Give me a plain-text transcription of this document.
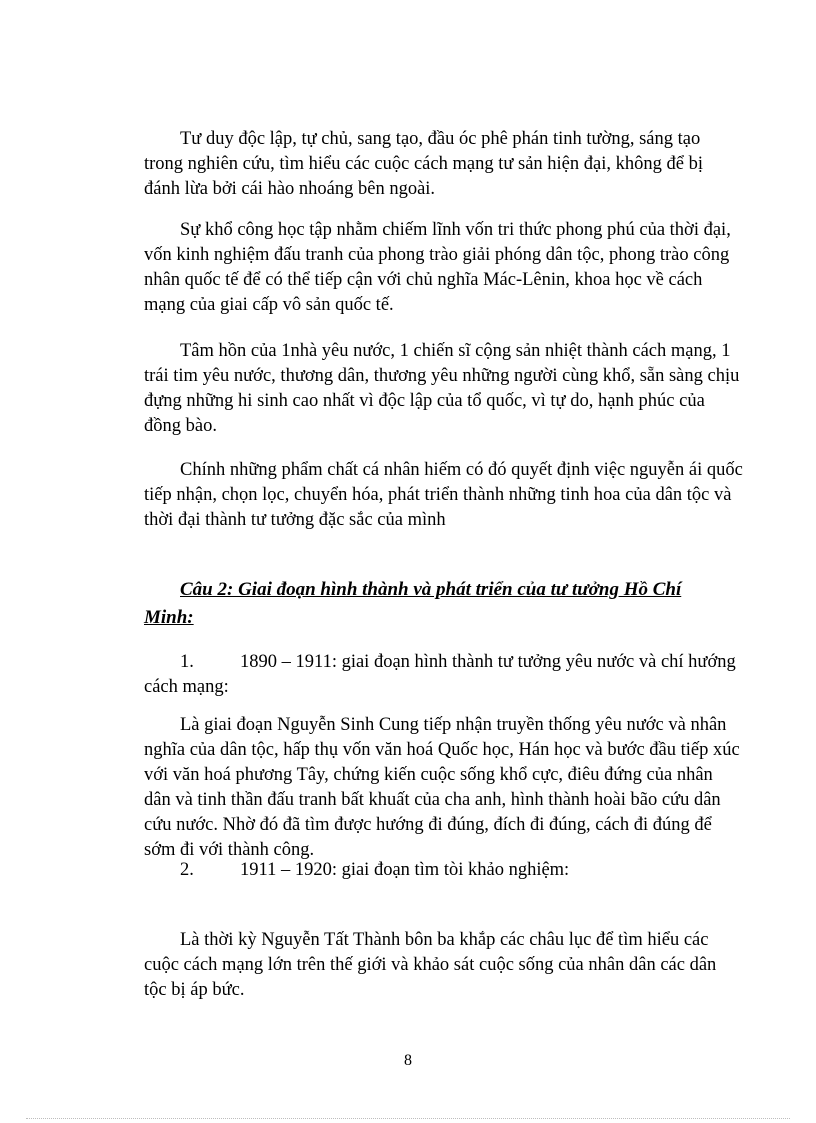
Tư duy độc lập, tự chủ, sang tạo, đầu óc phê phán tinh tường, sáng tạo
trong nghiên cứu, tìm hiểu các cuộc cách mạng tư sản hiện đại, không để bị
đánh lừa bởi cái hào nhoáng bên ngoài.
Sự khổ công học tập nhằm chiếm lĩnh vốn tri thức phong phú của thời đại,
vốn kinh nghiệm đấu tranh của phong trào giải phóng dân tộc, phong trào công
nhân quốc tế để có thể tiếp cận với chủ nghĩa Mác-Lênin, khoa học về cách
mạng của giai cấp vô sản quốc tế.
Tâm hồn của 1nhà yêu nước, 1 chiến sĩ cộng sản nhiệt thành cách mạng, 1
trái tim yêu nước, thương dân, thương yêu những người cùng khổ, sẵn sàng chịu
đựng những hi sinh cao nhất vì độc lập của tổ quốc, vì tự do, hạnh phúc của
đồng bào.
Chính những phẩm chất cá nhân hiếm có đó quyết định việc nguyễn ái quốc
tiếp nhận, chọn lọc, chuyển hóa, phát triển thành những tinh hoa của dân tộc và
thời đại thành tư tưởng đặc sắc của mình
Câu 2: Giai đoạn hình thành và phát triển của tư tưởng Hồ Chí
Minh:
1. 1890 – 1911: giai đoạn hình thành tư tưởng yêu nước và chí hướng
cách mạng:
Là giai đoạn Nguyễn Sinh Cung tiếp nhận truyền thống yêu nước và nhân
nghĩa của dân tộc, hấp thụ vốn văn hoá Quốc học, Hán học và bước đầu tiếp xúc
với văn hoá phương Tây, chứng kiến cuộc sống khổ cực, điêu đứng của nhân
dân và tinh thần đấu tranh bất khuất của cha anh, hình thành hoài bão cứu dân
cứu nước. Nhờ đó đã tìm được hướng đi đúng, đích đi đúng, cách đi đúng để
sớm đi với thành công.
2. 1911 – 1920: giai đoạn tìm tòi khảo nghiệm:
Là thời kỳ Nguyễn Tất Thành bôn ba khắp các châu lục để tìm hiểu các
cuộc cách mạng lớn trên thế giới và khảo sát cuộc sống của nhân dân các dân
tộc bị áp bức.
8
